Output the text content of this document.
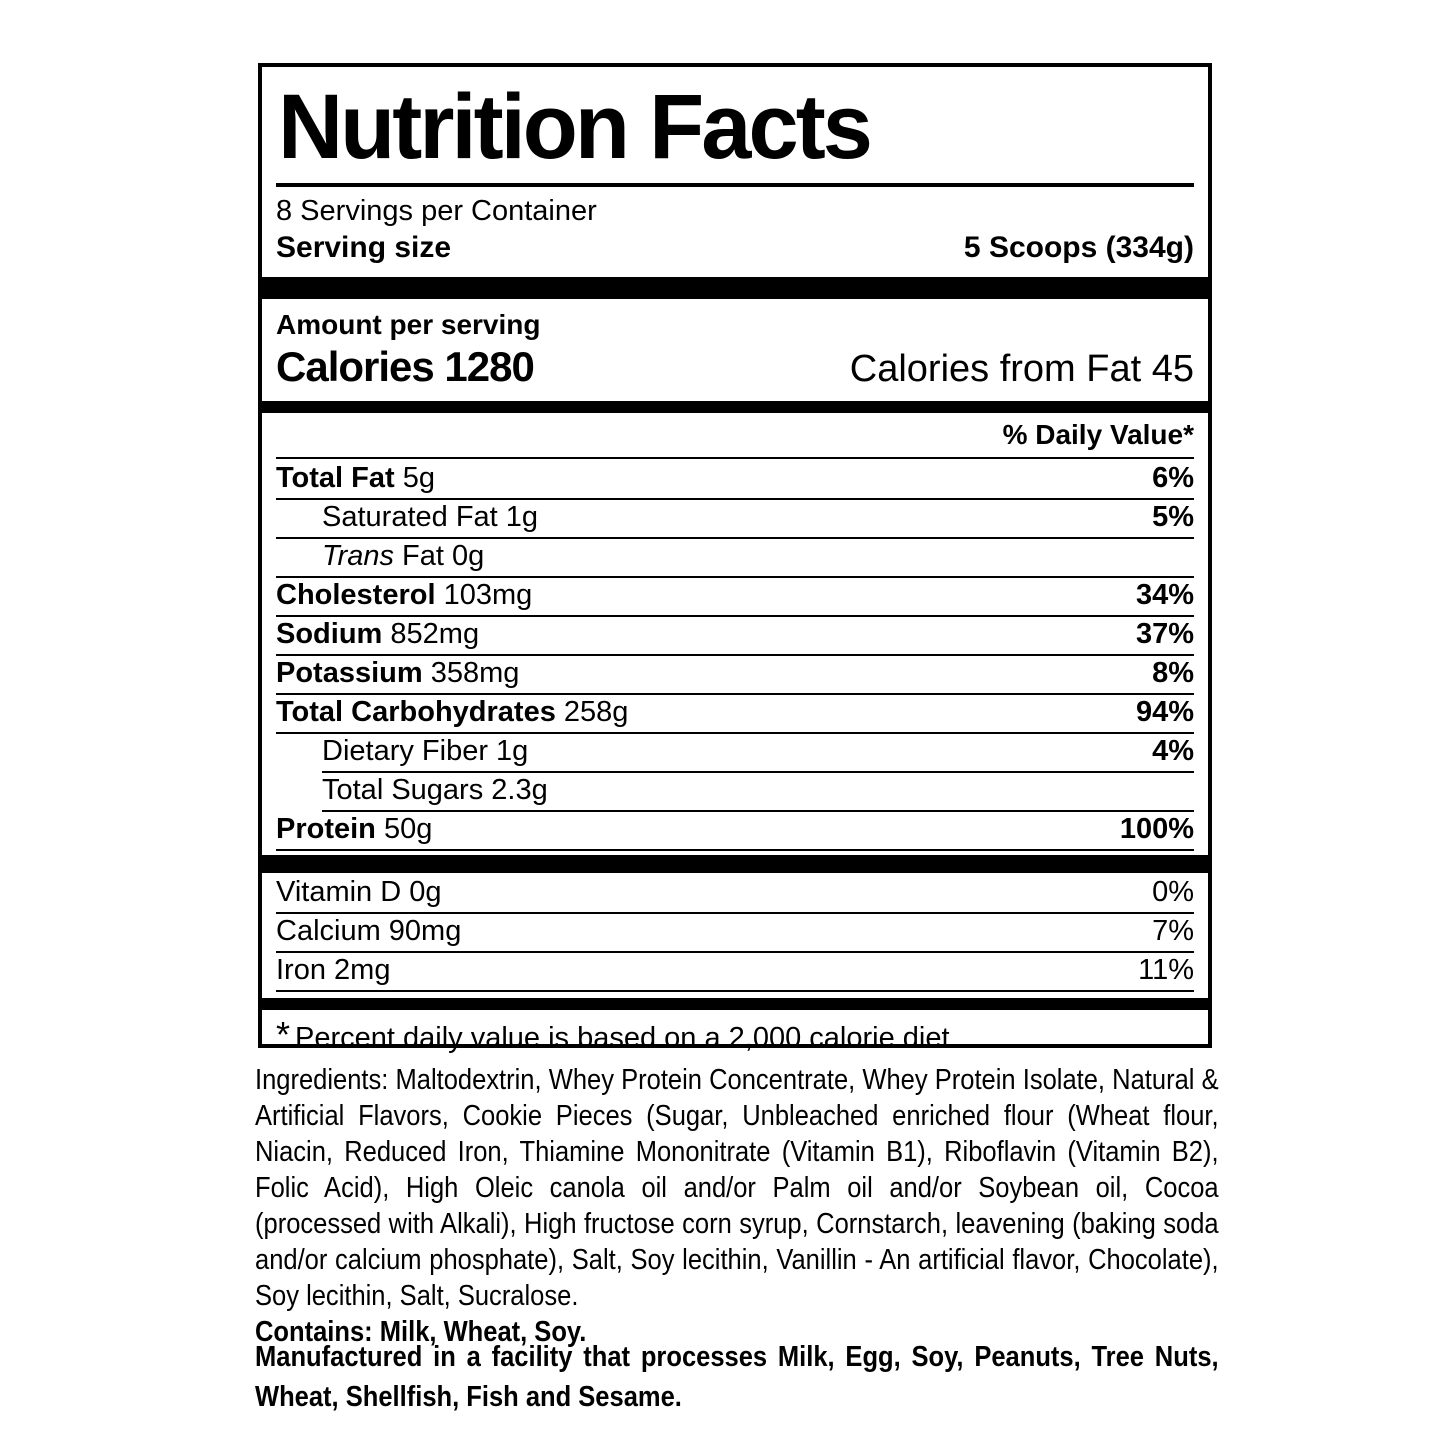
Nutrition Facts
8 Servings per Container
Serving size	5 Scoops (334g)
Amount per serving
Calories 1280	Calories from Fat 45
% Daily Value*
Total Fat 5g	6%
Saturated Fat 1g	5%
Trans Fat 0g
Cholesterol 103mg	34%
Sodium 852mg	37%
Potassium 358mg	8%
Total Carbohydrates 258g	94%
Dietary Fiber 1g	4%
Total Sugars 2.3g
Protein 50g	100%
Vitamin D 0g	0%
Calcium 90mg	7%
Iron 2mg	11%
* Percent daily value is based on a 2,000 calorie diet
Ingredients: Maltodextrin, Whey Protein Concentrate, Whey Protein Isolate, Natural & Artificial Flavors, Cookie Pieces (Sugar, Unbleached enriched flour (Wheat flour, Niacin, Reduced Iron, Thiamine Mononitrate (Vitamin B1), Riboflavin (Vitamin B2), Folic Acid), High Oleic canola oil and/or Palm oil and/or Soybean oil, Cocoa (processed with Alkali), High fructose corn syrup, Cornstarch, leavening (baking soda and/or calcium phosphate), Salt, Soy lecithin, Vanillin - An artificial flavor, Chocolate), Soy lecithin, Salt, Sucralose.
Contains: Milk, Wheat, Soy.
Manufactured in a facility that processes Milk, Egg, Soy, Peanuts, Tree Nuts, Wheat, Shellfish, Fish and Sesame.
